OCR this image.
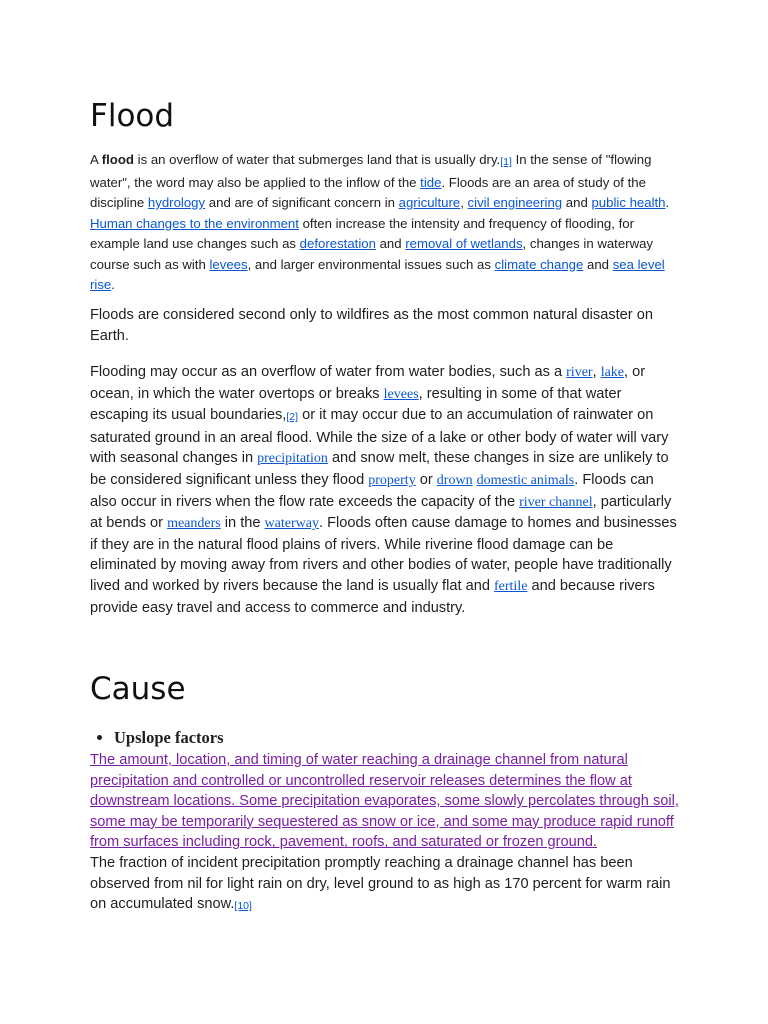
Flood

A flood is an overflow of water that submerges land that is usually dry.[1] In the sense of "flowing water", the word may also be applied to the inflow of the tide. Floods are an area of study of the discipline hydrology and are of significant concern in agriculture, civil engineering and public health. Human changes to the environment often increase the intensity and frequency of flooding, for example land use changes such as deforestation and removal of wetlands, changes in waterway course such as with levees, and larger environmental issues such as climate change and sea level rise.

Floods are considered second only to wildfires as the most common natural disaster on Earth.

Flooding may occur as an overflow of water from water bodies, such as a river, lake, or ocean, in which the water overtops or breaks levees, resulting in some of that water escaping its usual boundaries,[2] or it may occur due to an accumulation of rainwater on saturated ground in an areal flood. While the size of a lake or other body of water will vary with seasonal changes in precipitation and snow melt, these changes in size are unlikely to be considered significant unless they flood property or drown domestic animals. Floods can also occur in rivers when the flow rate exceeds the capacity of the river channel, particularly at bends or meanders in the waterway. Floods often cause damage to homes and businesses if they are in the natural flood plains of rivers. While riverine flood damage can be eliminated by moving away from rivers and other bodies of water, people have traditionally lived and worked by rivers because the land is usually flat and fertile and because rivers provide easy travel and access to commerce and industry.

Cause
• Upslope factors
The amount, location, and timing of water reaching a drainage channel from natural precipitation and controlled or uncontrolled reservoir releases determines the flow at downstream locations. Some precipitation evaporates, some slowly percolates through soil, some may be temporarily sequestered as snow or ice, and some may produce rapid runoff from surfaces including rock, pavement, roofs, and saturated or frozen ground.
The fraction of incident precipitation promptly reaching a drainage channel has been observed from nil for light rain on dry, level ground to as high as 170 percent for warm rain on accumulated snow.[10]
